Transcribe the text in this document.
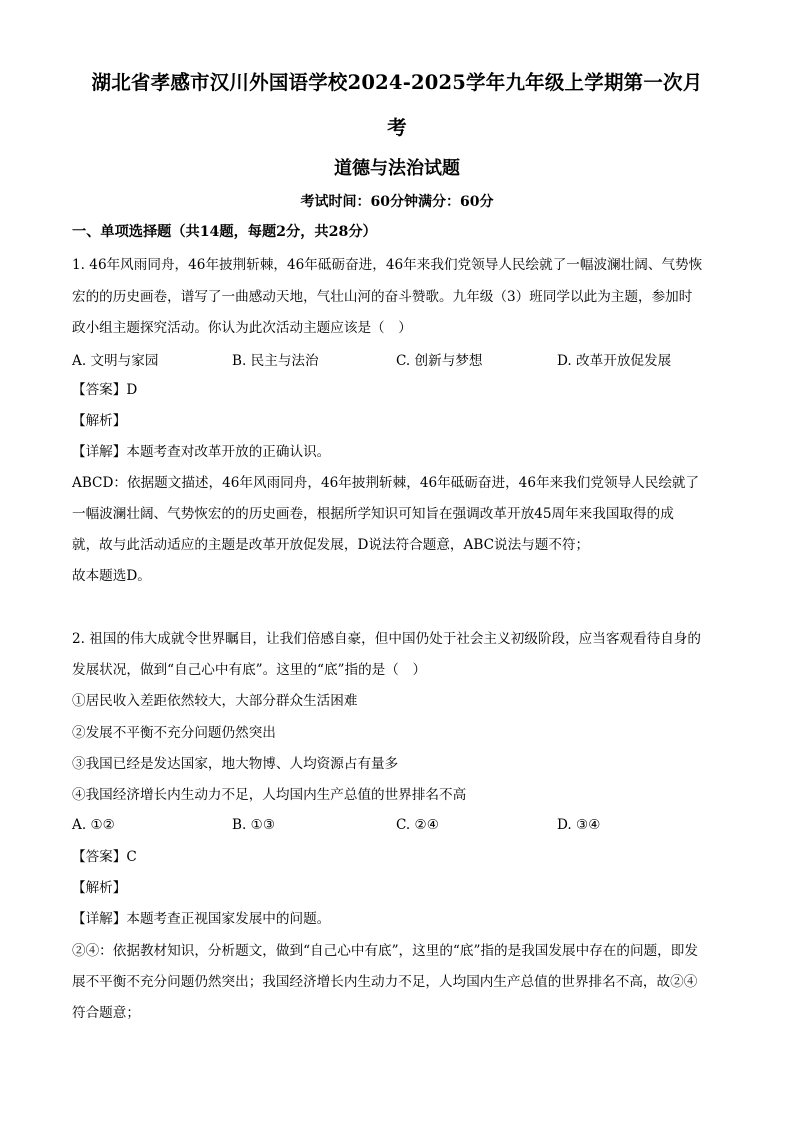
湖北省孝感市汉川外国语学校2024-2025学年九年级上学期第一次月
考
道德与法治试题
考试时间：60分钟满分：60分
一、单项选择题（共14题，每题2分，共28分）
1. 46年风雨同舟，46年披荆斩棘，46年砥砺奋进，46年来我们党领导人民绘就了一幅波澜壮阔、气势恢
宏的的历史画卷，谱写了一曲感动天地，气壮山河的奋斗赞歌。九年级（3）班同学以此为主题，参加时
政小组主题探究活动。你认为此次活动主题应该是（　）
A. 文明与家园	B. 民主与法治	C. 创新与梦想	D. 改革开放促发展
【答案】D
【解析】
【详解】本题考查对改革开放的正确认识。
ABCD：依据题文描述，46年风雨同舟，46年披荆斩棘，46年砥砺奋进，46年来我们党领导人民绘就了
一幅波澜壮阔、气势恢宏的的历史画卷，根据所学知识可知旨在强调改革开放45周年来我国取得的成
就，故与此活动适应的主题是改革开放促发展，D说法符合题意，ABC说法与题不符；
故本题选D。
2. 祖国的伟大成就令世界瞩目，让我们倍感自豪，但中国仍处于社会主义初级阶段，应当客观看待自身的
发展状况，做到“自己心中有底”。这里的“底”指的是（　）
①居民收入差距依然较大，大部分群众生活困难
②发展不平衡不充分问题仍然突出
③我国已经是发达国家，地大物博、人均资源占有量多
④我国经济增长内生动力不足，人均国内生产总值的世界排名不高
A. ①②	B. ①③	C. ②④	D. ③④
【答案】C
【解析】
【详解】本题考查正视国家发展中的问题。
②④：依据教材知识，分析题文，做到“自己心中有底”，这里的“底”指的是我国发展中存在的问题，即发
展不平衡不充分问题仍然突出；我国经济增长内生动力不足，人均国内生产总值的世界排名不高，故②④
符合题意；
